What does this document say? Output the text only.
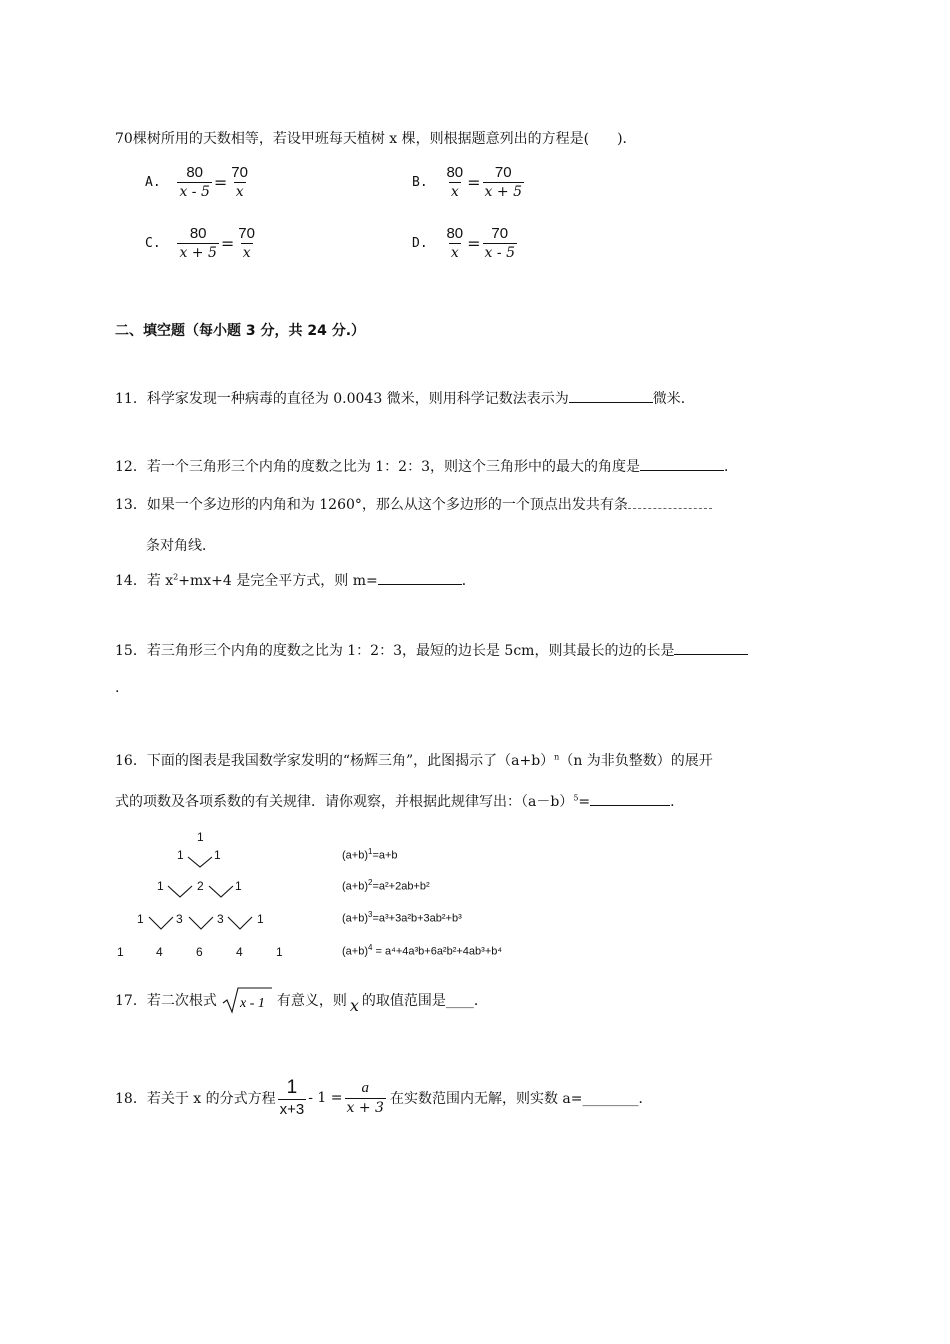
70棵树所用的天数相等，若设甲班每天植树 x 棵，则根据题意列出的方程是(　　)．
A. $\frac{80}{x - 5} = \frac{70}{x}$	B. $\frac{80}{x} = \frac{70}{x + 5}$
C. $\frac{80}{x + 5} = \frac{70}{x}$	D. $\frac{80}{x} = \frac{70}{x - 5}$
二、填空题（每小题 3 分，共 24 分.）
11．科学家发现一种病毒的直径为 0.0043 微米，则用科学记数法表示为	微米．
12．若一个三角形三个内角的度数之比为 1：2：3，则这个三角形中的最大的角度是	．
13．如果一个多边形的内角和为 1260°，那么从这个多边形的一个顶点出发共有条
条对角线．
14．若 $x^2+mx+4$ 是完全平方式，则 m=	．
15．若三角形三个内角的度数之比为 1：2：3，最短的边长是 5cm，则其最长的边的长是
.
16．下面的图表是我国数学家发明的“杨辉三角”，此图揭示了$(a+b)^n(n$ 为非负整数）的展开
式的项数及各项系数的有关规律．请你观察，并根据此规律写出：$(a-b)^5=$	．
1
1	1
1	2	1
1	3	3	1
1	4	6	4	1
$(a+b)^1=a+b$
$(a+b)^2=a^2+2ab+b^2$
$(a+b)^3=a^3+3a^2b+3ab^2+b^3$
$(a+b)^4 = a^4+4a^3b+6a^2b^2+4ab^3+b^4$
17．若二次根式 x - 1 有意义，则 x 的取值范围是____．
18．若关于 x 的分式方程 $\frac{1}{x+3} - 1 = \frac{a}{x + 3}$ 在实数范围内无解，则实数 a=________．
